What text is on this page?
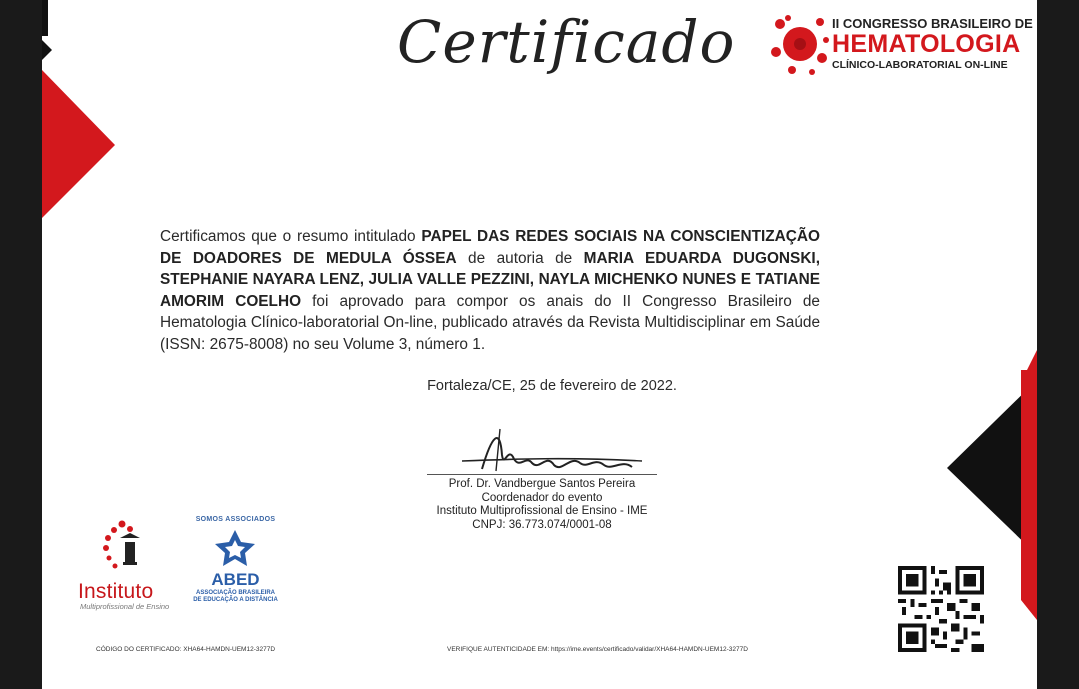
Certificado	II CONGRESSO BRASILEIRO DE
HEMATOLOGIA
CLÍNICO-LABORATORIAL ON-LINE
Certificamos que o resumo intitulado PAPEL DAS REDES SOCIAIS NA CONSCIENTIZAÇÃO DE DOADORES DE MEDULA ÓSSEA de autoria de MARIA EDUARDA DUGONSKI, STEPHANIE NAYARA LENZ, JULIA VALLE PEZZINI, NAYLA MICHENKO NUNES E TATIANE AMORIM COELHO foi aprovado para compor os anais do II Congresso Brasileiro de Hematologia Clínico-laboratorial On-line, publicado através da Revista Multidisciplinar em Saúde (ISSN: 2675-8008) no seu Volume 3, número 1.
Fortaleza/CE, 25 de fevereiro de 2022.
Prof. Dr. Vandbergue Santos Pereira
Coordenador do evento
Instituto Multiprofissional de Ensino - IME
CNPJ: 36.773.074/0001-08
Instituto
Multiprofissional de Ensino
SOMOS ASSOCIADOS
ABED
ASSOCIAÇÃO BRASILEIRA
DE EDUCAÇÃO A DISTÂNCIA
CÓDIGO DO CERTIFICADO: XHA64-HAMDN-UEM12-3277D	VERIFIQUE AUTENTICIDADE EM: https://ime.events/certificado/validar/XHA64-HAMDN-UEM12-3277D
